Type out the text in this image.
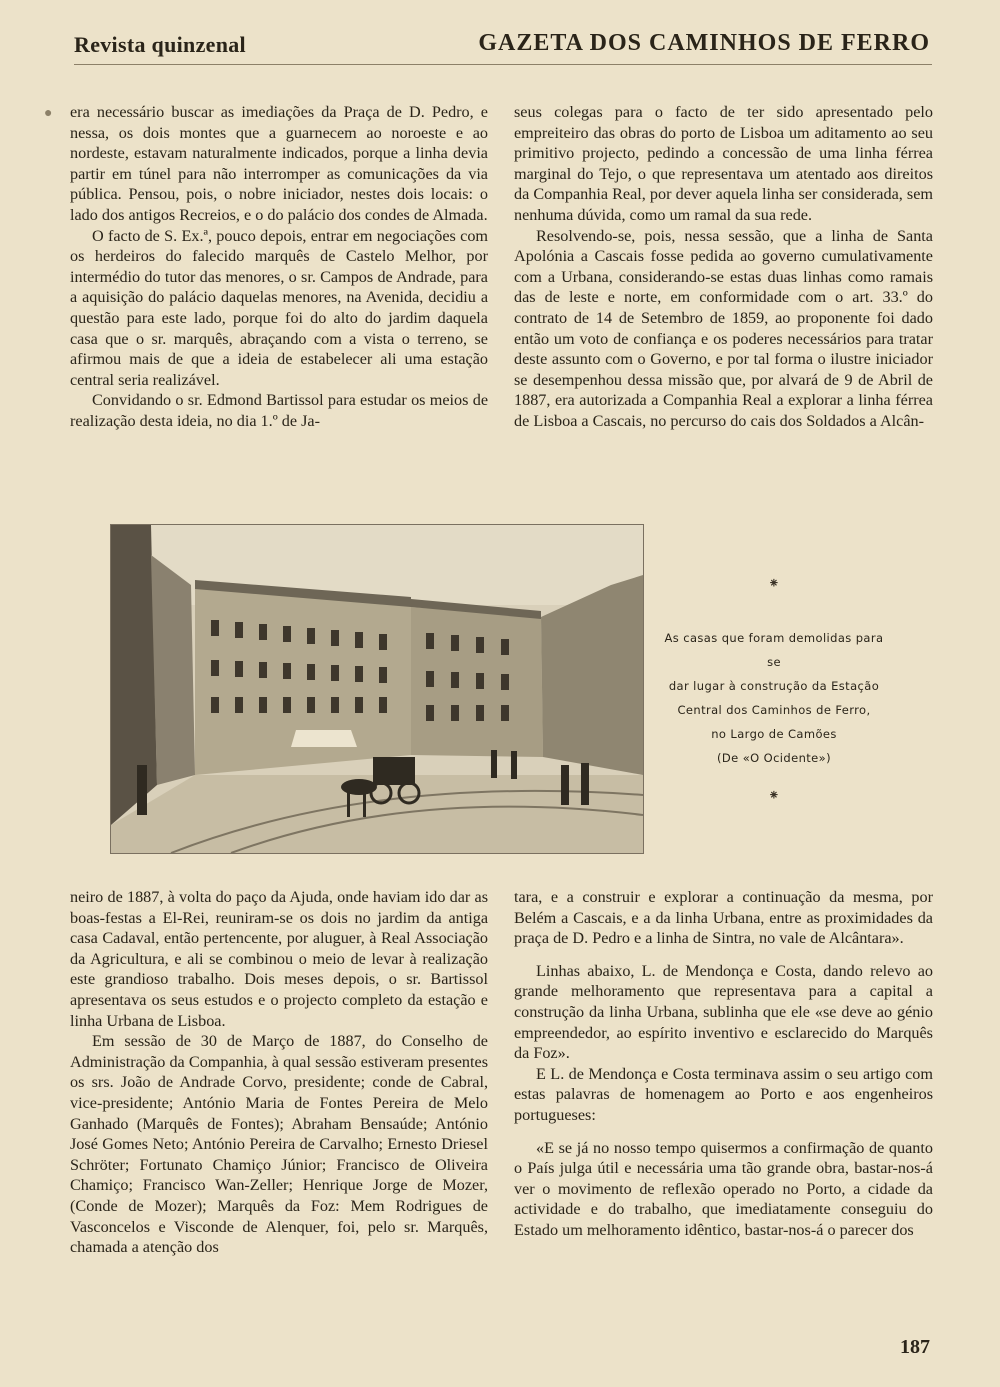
Revista quinzenal	GAZETA DOS CAMINHOS DE FERRO
● era necessário buscar as imediações da Praça de D. Pedro, e nessa, os dois montes que a guarnecem ao noroeste e ao nordeste, estavam naturalmente indicados, porque a linha devia partir em túnel para não interromper as comunicações da via pública. Pensou, pois, o nobre iniciador, nestes dois locais: o lado dos antigos Recreios, e o do palácio dos condes de Almada.

O facto de S. Ex.ª, pouco depois, entrar em negociações com os herdeiros do falecido marquês de Castelo Melhor, por intermédio do tutor das menores, o sr. Campos de Andrade, para a aquisição do palácio daquelas menores, na Avenida, decidiu a questão para este lado, porque foi do alto do jardim daquela casa que o sr. marquês, abraçando com a vista o terreno, se afirmou mais de que a ideia de estabelecer ali uma estação central seria realizável.

Convidando o sr. Edmond Bartissol para estudar os meios de realização desta ideia, no dia 1.º de Ja-

seus colegas para o facto de ter sido apresentado pelo empreiteiro das obras do porto de Lisboa um aditamento ao seu primitivo projecto, pedindo a concessão de uma linha férrea marginal do Tejo, o que representava um atentado aos direitos da Companhia Real, por dever aquela linha ser considerada, sem nenhuma dúvida, como um ramal da sua rede.

Resolvendo-se, pois, nessa sessão, que a linha de Santa Apolónia a Cascais fosse pedida ao governo cumulativamente com a Urbana, considerando-se estas duas linhas como ramais das de leste e norte, em conformidade com o art. 33.º do contrato de 14 de Setembro de 1859, ao proponente foi dado então um voto de confiança e os poderes necessários para tratar deste assunto com o Governo, e por tal forma o ilustre iniciador se desempenhou dessa missão que, por alvará de 9 de Abril de 1887, era autorizada a Companhia Real a explorar a linha férrea de Lisboa a Cascais, no percurso do cais dos Soldados a Alcân-

⁕
As casas que foram demolidas para se
dar lugar à construção da Estação
Central dos Caminhos de Ferro,
no Largo de Camões
(De «O Ocidente»)
⁕

neiro de 1887, à volta do paço da Ajuda, onde haviam ido dar as boas-festas a El-Rei, reuniram-se os dois no jardim da antiga casa Cadaval, então pertencente, por aluguer, à Real Associação da Agricultura, e ali se combinou o meio de levar à realização este grandioso trabalho. Dois meses depois, o sr. Bartissol apresentava os seus estudos e o projecto completo da estação e linha Urbana de Lisboa.

Em sessão de 30 de Março de 1887, do Conselho de Administração da Companhia, à qual sessão estiveram presentes os srs. João de Andrade Corvo, presidente; conde de Cabral, vice-presidente; António Maria de Fontes Pereira de Melo Ganhado (Marquês de Fontes); Abraham Bensaúde; António José Gomes Neto; António Pereira de Carvalho; Ernesto Driesel Schröter; Fortunato Chamiço Júnior; Francisco de Oliveira Chamiço; Francisco Wan-Zeller; Henrique Jorge de Mozer, (Conde de Mozer); Marquês da Foz: Mem Rodrigues de Vasconcelos e Visconde de Alenquer, foi, pelo sr. Marquês, chamada a atenção dos

tara, e a construir e explorar a continuação da mesma, por Belém a Cascais, e a da linha Urbana, entre as proximidades da praça de D. Pedro e a linha de Sintra, no vale de Alcântara».

Linhas abaixo, L. de Mendonça e Costa, dando relevo ao grande melhoramento que representava para a capital a construção da linha Urbana, sublinha que ele «se deve ao génio empreendedor, ao espírito inventivo e esclarecido do Marquês da Foz».

E L. de Mendonça e Costa terminava assim o seu artigo com estas palavras de homenagem ao Porto e aos engenheiros portugueses:

«E se já no nosso tempo quisermos a confirmação de quanto o País julga útil e necessária uma tão grande obra, bastar-nos-á ver o movimento de reflexão operado no Porto, a cidade da actividade e do trabalho, que imediatamente conseguiu do Estado um melhoramento idêntico, bastar-nos-á o parecer dos

187
